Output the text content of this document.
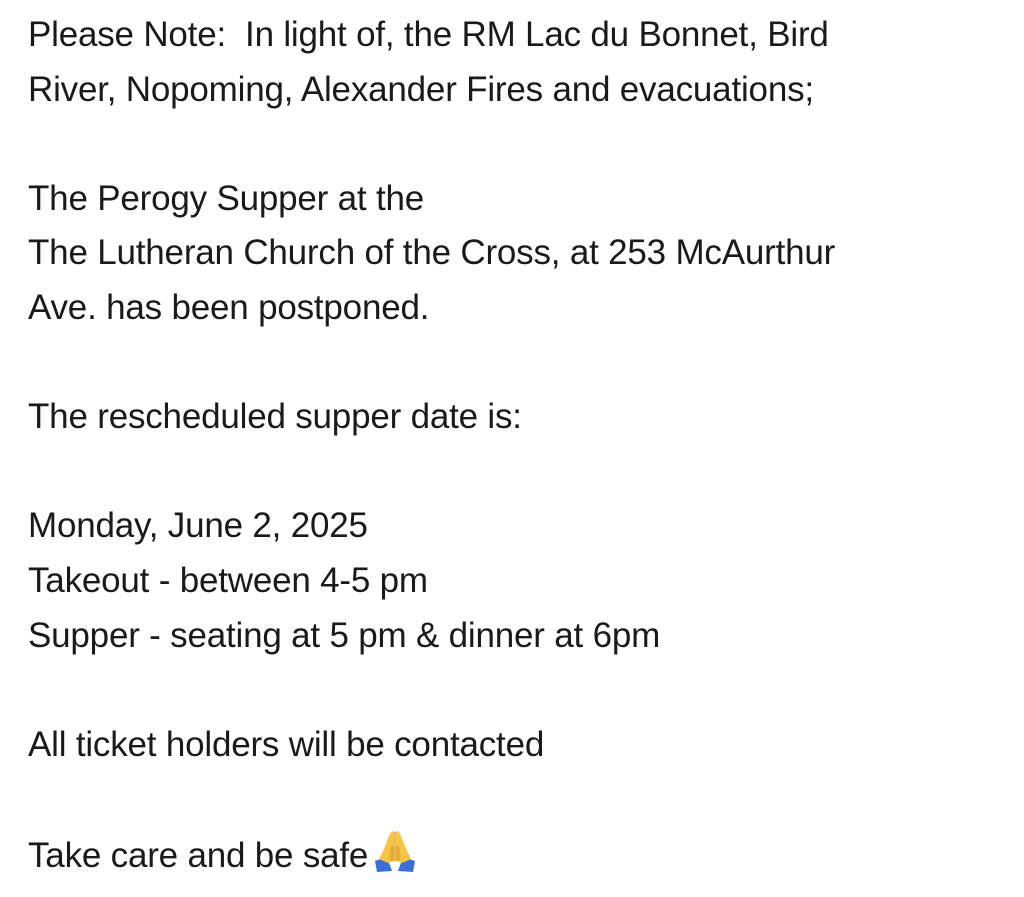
Please Note:  In light of, the RM Lac du Bonnet, Bird
River, Nopoming, Alexander Fires and evacuations;
The Perogy Supper at the
The Lutheran Church of the Cross, at 253 McAurthur
Ave. has been postponed.
The rescheduled supper date is:
Monday, June 2, 2025
Takeout - between 4-5 pm
Supper - seating at 5 pm & dinner at 6pm
All ticket holders will be contacted
Take care and be safe
